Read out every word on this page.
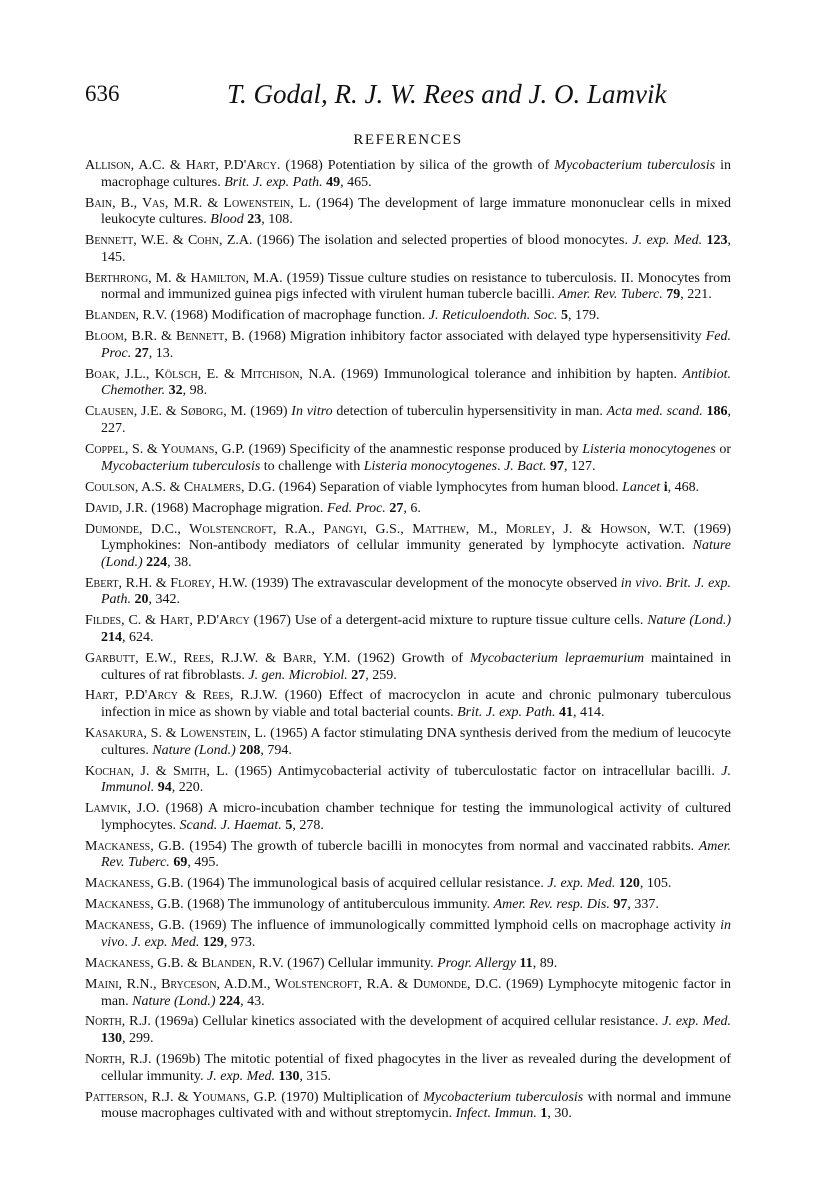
636	T. Godal, R. J. W. Rees and J. O. Lamvik
REFERENCES

Allison, A.C. & Hart, P.D'Arcy. (1968) Potentiation by silica of the growth of Mycobacterium tuberculosis in macrophage cultures. Brit. J. exp. Path. 49, 465.

Bain, B., Vas, M.R. & Lowenstein, L. (1964) The development of large immature mononuclear cells in mixed leukocyte cultures. Blood 23, 108.

Bennett, W.E. & Cohn, Z.A. (1966) The isolation and selected properties of blood monocytes. J. exp. Med. 123, 145.

Berthrong, M. & Hamilton, M.A. (1959) Tissue culture studies on resistance to tuberculosis. II. Monocytes from normal and immunized guinea pigs infected with virulent human tubercle bacilli. Amer. Rev. Tuberc. 79, 221.

Blanden, R.V. (1968) Modification of macrophage function. J. Reticuloendoth. Soc. 5, 179.

Bloom, B.R. & Bennett, B. (1968) Migration inhibitory factor associated with delayed type hypersensitivity Fed. Proc. 27, 13.

Boak, J.L., Kölsch, E. & Mitchison, N.A. (1969) Immunological tolerance and inhibition by hapten. Antibiot. Chemother. 32, 98.

Clausen, J.E. & Søborg, M. (1969) In vitro detection of tuberculin hypersensitivity in man. Acta med. scand. 186, 227.

Coppel, S. & Youmans, G.P. (1969) Specificity of the anamnestic response produced by Listeria monocytogenes or Mycobacterium tuberculosis to challenge with Listeria monocytogenes. J. Bact. 97, 127.

Coulson, A.S. & Chalmers, D.G. (1964) Separation of viable lymphocytes from human blood. Lancet i, 468.

David, J.R. (1968) Macrophage migration. Fed. Proc. 27, 6.

Dumonde, D.C., Wolstencroft, R.A., Pangyi, G.S., Matthew, M., Morley, J. & Howson, W.T. (1969) Lymphokines: Non-antibody mediators of cellular immunity generated by lymphocyte activation. Nature (Lond.) 224, 38.

Ebert, R.H. & Florey, H.W. (1939) The extravascular development of the monocyte observed in vivo. Brit. J. exp. Path. 20, 342.

Fildes, C. & Hart, P.D'Arcy (1967) Use of a detergent-acid mixture to rupture tissue culture cells. Nature (Lond.) 214, 624.

Garbutt, E.W., Rees, R.J.W. & Barr, Y.M. (1962) Growth of Mycobacterium lepraemurium maintained in cultures of rat fibroblasts. J. gen. Microbiol. 27, 259.

Hart, P.D'Arcy & Rees, R.J.W. (1960) Effect of macrocyclon in acute and chronic pulmonary tuberculous infection in mice as shown by viable and total bacterial counts. Brit. J. exp. Path. 41, 414.

Kasakura, S. & Lowenstein, L. (1965) A factor stimulating DNA synthesis derived from the medium of leucocyte cultures. Nature (Lond.) 208, 794.

Kochan, J. & Smith, L. (1965) Antimycobacterial activity of tuberculostatic factor on intracellular bacilli. J. Immunol. 94, 220.

Lamvik, J.O. (1968) A micro-incubation chamber technique for testing the immunological activity of cultured lymphocytes. Scand. J. Haemat. 5, 278.

Mackaness, G.B. (1954) The growth of tubercle bacilli in monocytes from normal and vaccinated rabbits. Amer. Rev. Tuberc. 69, 495.

Mackaness, G.B. (1964) The immunological basis of acquired cellular resistance. J. exp. Med. 120, 105.

Mackaness, G.B. (1968) The immunology of antituberculous immunity. Amer. Rev. resp. Dis. 97, 337.

Mackaness, G.B. (1969) The influence of immunologically committed lymphoid cells on macrophage activity in vivo. J. exp. Med. 129, 973.

Mackaness, G.B. & Blanden, R.V. (1967) Cellular immunity. Progr. Allergy 11, 89.

Maini, R.N., Bryceson, A.D.M., Wolstencroft, R.A. & Dumonde, D.C. (1969) Lymphocyte mitogenic factor in man. Nature (Lond.) 224, 43.

North, R.J. (1969a) Cellular kinetics associated with the development of acquired cellular resistance. J. exp. Med. 130, 299.

North, R.J. (1969b) The mitotic potential of fixed phagocytes in the liver as revealed during the development of cellular immunity. J. exp. Med. 130, 315.

Patterson, R.J. & Youmans, G.P. (1970) Multiplication of Mycobacterium tuberculosis with normal and immune mouse macrophages cultivated with and without streptomycin. Infect. Immun. 1, 30.
